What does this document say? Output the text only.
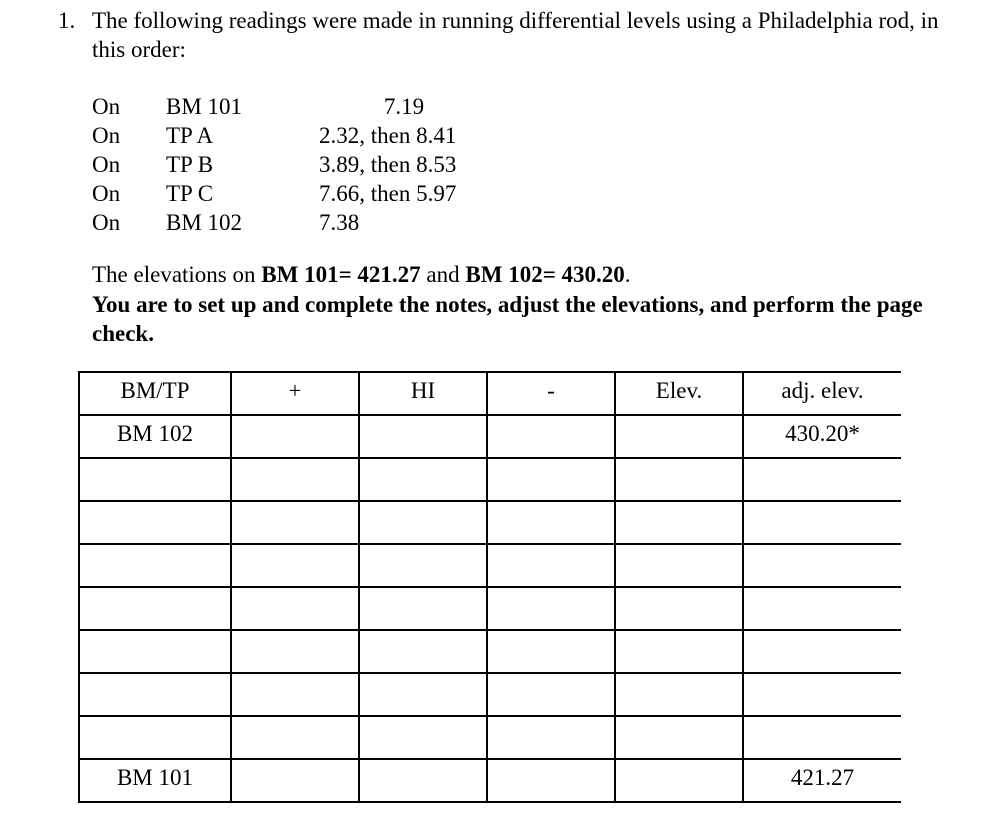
1. The following readings were made in running differential levels using a Philadelphia rod, in this order:
On BM 101	7.19
On TP A	2.32, then 8.41
On TP B	3.89, then 8.53
On TP C	7.66, then 5.97
On BM 102	7.38
The elevations on BM 101= 421.27 and BM 102= 430.20.
You are to set up and complete the notes, adjust the elevations, and perform the page check.
BM/TP	+	HI	-	Elev.	adj. elev.
BM 102					430.20*

BM 101					421.27
